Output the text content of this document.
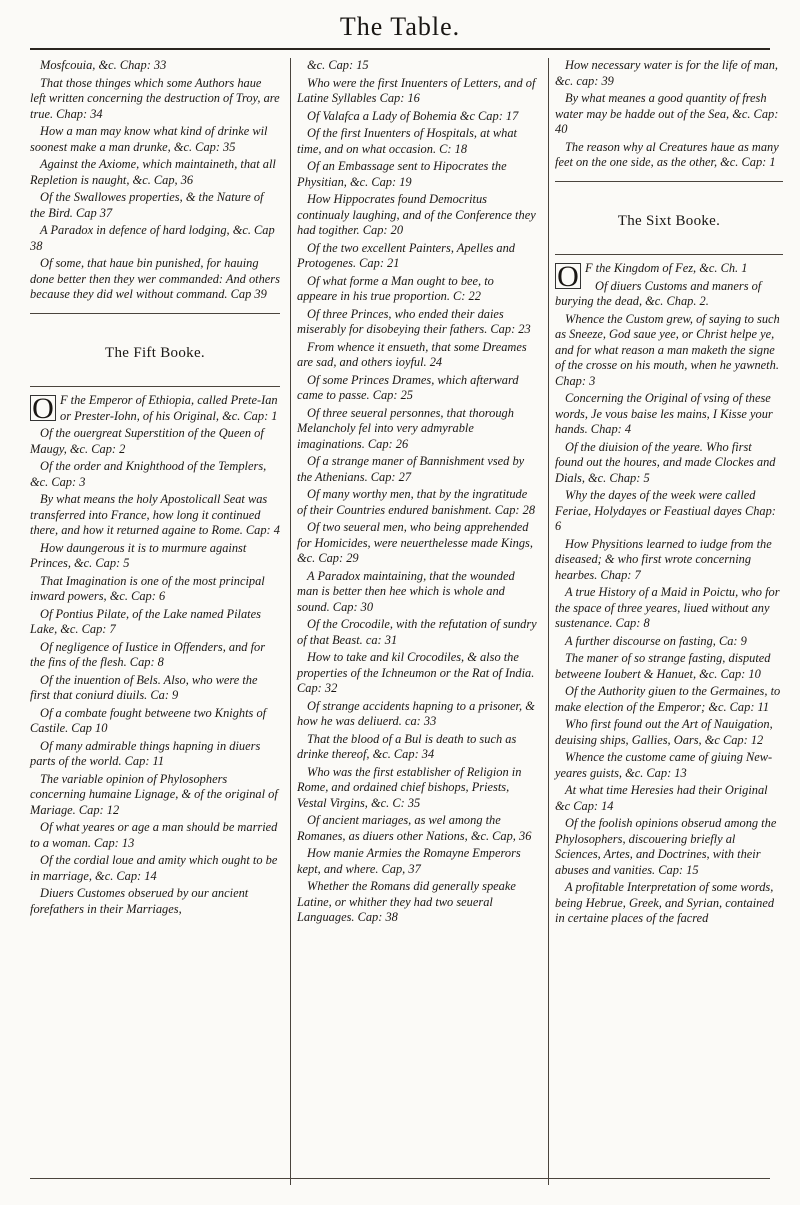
The Table.

Mosfcouia, &c. Chap: 33

That those thinges which some Authors haue left written concerning the destruction of Troy, are true. Chap: 34

How a man may know what kind of drinke wil soonest make a man drunke, &c. Cap: 35

Against the Axiome, which maintaineth, that all Repletion is naught, &c. Cap, 36

Of the Swallowes properties, & the Nature of the Bird. Cap 37

A Paradox in defence of hard lodging, &c. Cap 38

Of some, that haue bin punished, for hauing done better then they wer commanded: And others because they did wel without command. Cap 39

The Fift Booke.

O F the Emperor of Ethiopia, called Prete-Ian or Prester-Iohn, of his Original, &c. Cap: 1

Of the ouergreat Superstition of the Queen of Maugy, &c. Cap: 2

Of the order and Knighthood of the Templers, &c. Cap: 3

By what means the holy Apostolicall Seat was transferred into France, how long it continued there, and how it returned againe to Rome. Cap: 4

How daungerous it is to murmure against Princes, &c. Cap: 5

That Imagination is one of the most principal inward powers, &c. Cap: 6

Of Pontius Pilate, of the Lake named Pilates Lake, &c. Cap: 7

Of negligence of Iustice in Offenders, and for the fins of the flesh. Cap: 8

Of the inuention of Bels. Also, who were the first that coniurd diuils. Ca: 9

Of a combate fought betweene two Knights of Castile. Cap 10

Of many admirable things hapning in diuers parts of the world. Cap: 11

The variable opinion of Phylosophers concerning humaine Lignage, & of the original of Mariage. Cap: 12

Of what yeares or age a man should be married to a woman. Cap: 13

Of the cordial loue and amity which ought to be in marriage, &c. Cap: 14

Diuers Customes obserued by our ancient forefathers in their Marriages,

&c. Cap: 15

Who were the first Inuenters of Letters, and of Latine Syllables Cap: 16

Of Valafca a Lady of Bohemia &c Cap: 17

Of the first Inuenters of Hospitals, at what time, and on what occasion. C: 18

Of an Embassage sent to Hipocrates the Physitian, &c. Cap: 19

How Hippocrates found Democritus continualy laughing, and of the Conference they had togither. Cap: 20

Of the two excellent Painters, Apelles and Protogenes. Cap: 21

Of what forme a Man ought to bee, to appeare in his true proportion. C: 22

Of three Princes, who ended their daies miserably for disobeying their fathers. Cap: 23

From whence it ensueth, that some Dreames are sad, and others ioyful. 24

Of some Princes Drames, which afterward came to passe. Cap: 25

Of three seueral personnes, that thorough Melancholy fel into very admyrable imaginations. Cap: 26

Of a strange maner of Bannishment vsed by the Athenians. Cap: 27

Of many worthy men, that by the ingratitude of their Countries endured banishment. Cap: 28

Of two seueral men, who being apprehended for Homicides, were neuerthelesse made Kings, &c. Cap: 29

A Paradox maintaining, that the wounded man is better then hee which is whole and sound. Cap: 30

Of the Crocodile, with the refutation of sundry of that Beast. ca: 31

How to take and kil Crocodiles, & also the properties of the Ichneumon or the Rat of India. Cap: 32

Of strange accidents hapning to a prisoner, & how he was deliuerd. ca: 33

That the blood of a Bul is death to such as drinke thereof, &c. Cap: 34

Who was the first establisher of Religion in Rome, and ordained chief bishops, Priests, Vestal Virgins, &c. C: 35

Of ancient mariages, as wel among the Romanes, as diuers other Nations, &c. Cap, 36

How manie Armies the Romayne Emperors kept, and where. Cap, 37

Whether the Romans did generally speake Latine, or whither they had two seueral Languages. Cap: 38

How necessary water is for the life of man, &c. cap: 39

By what meanes a good quantity of fresh water may be hadde out of the Sea, &c. Cap: 40

The reason why al Creatures haue as many feet on the one side, as the other, &c. Cap: 1

The Sixt Booke.

O F the Kingdom of Fez, &c. Ch. 1

Of diuers Customs and maners of burying the dead, &c. Chap. 2.

Whence the Custom grew, of saying to such as Sneeze, God saue yee, or Christ helpe ye, and for what reason a man maketh the signe of the crosse on his mouth, when he yawneth. Chap: 3

Concerning the Original of vsing of these words, Je vous baise les mains, I Kisse your hands. Chap: 4

Of the diuision of the yeare. Who first found out the houres, and made Clockes and Dials, &c. Chap: 5

Why the dayes of the week were called Feriae, Holydayes or Feastiual dayes Chap: 6

How Physitions learned to iudge from the diseased; & who first wrote concerning hearbes. Chap: 7

A true History of a Maid in Poictu, who for the space of three yeares, liued without any sustenance. Cap: 8

A further discourse on fasting, Ca: 9

The maner of so strange fasting, disputed betweene Ioubert & Hanuet, &c. Cap: 10

Of the Authority giuen to the Germaines, to make election of the Emperor; &c. Cap: 11

Who first found out the Art of Nauigation, deuising ships, Gallies, Oars, &c Cap: 12

Whence the custome came of giuing New-yeares guists, &c. Cap: 13

At what time Heresies had their Original &c Cap: 14

Of the foolish opinions obserud among the Phylosophers, discouering briefly al Sciences, Artes, and Doctrines, with their abuses and vanities. Cap: 15

A profitable Interpretation of some words, being Hebrue, Greek, and Syrian, contained in certaine places of the facred
